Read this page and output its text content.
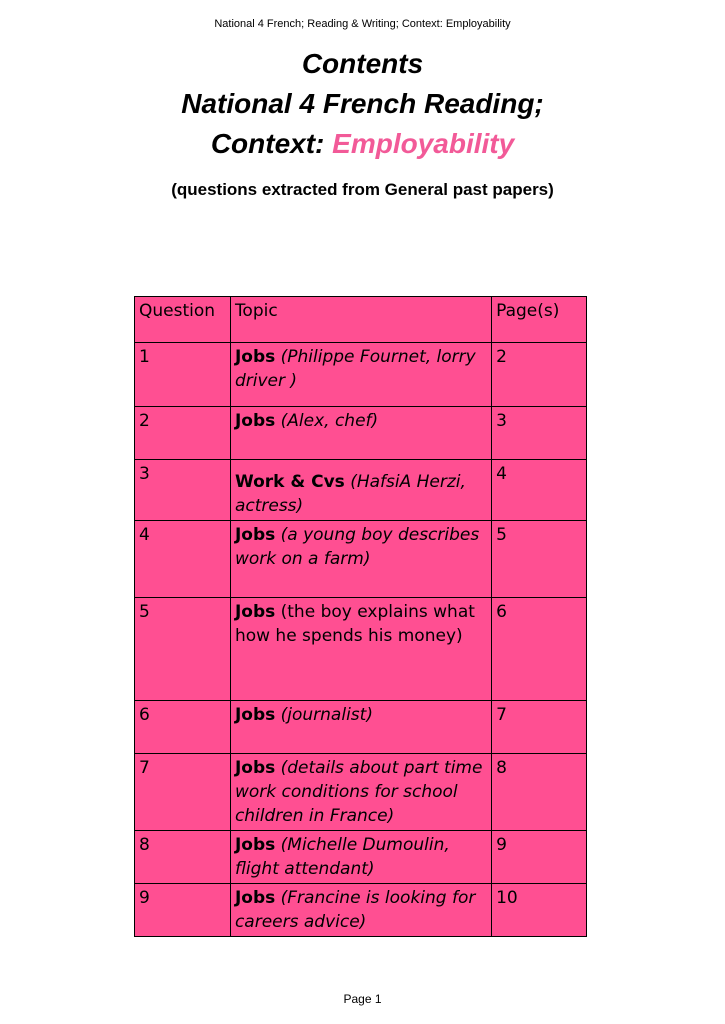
National 4 French; Reading & Writing; Context: Employability
Contents
National 4 French Reading;
Context: Employability
(questions extracted from General past papers)
Question	Topic	Page(s)
1	Jobs (Philippe Fournet, lorry driver )	2
2	Jobs (Alex, chef)	3
3	Work & Cvs (HafsiA Herzi, actress)	4
4	Jobs (a young boy describes work on a farm)	5
5	Jobs (the boy explains what how he spends his money)	6
6	Jobs (journalist)	7
7	Jobs (details about part time work conditions for school children in France)	8
8	Jobs (Michelle Dumoulin, flight attendant)	9
9	Jobs (Francine is looking for careers advice)	10
Page 1
